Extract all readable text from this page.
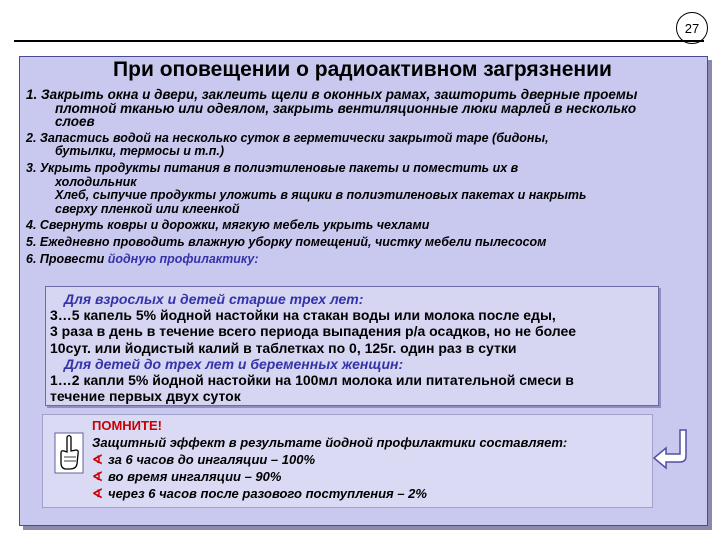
27
При оповещении о радиоактивном загрязнении
1. Закрыть окна и двери, заклеить щели в оконных рамах, зашторить дверные проемы
плотной тканью или одеялом, закрыть вентиляционные люки марлей в несколько
слоев
2. Запастись водой на несколько суток в герметически закрытой таре (бидоны,
бутылки, термосы и т.п.)
3. Укрыть продукты питания в полиэтиленовые пакеты и поместить их в
холодильник
Хлеб, сыпучие продукты уложить в ящики в полиэтиленовых пакетах и накрыть
сверху пленкой или клеенкой
4. Свернуть ковры и дорожки, мягкую мебель укрыть чехлами
5. Ежедневно проводить влажную уборку помещений, чистку мебели пылесосом
6. Провести йодную профилактику:
Для взрослых и детей старше трех лет:
3…5 капель 5% йодной настойки на стакан воды или молока после еды,
3 раза в день в течение всего периода выпадения р/а осадков, но не более
10сут. или йодистый калий в таблетках по 0, 125г. один раз в сутки
Для детей до трех лет и беременных женщин:
1…2 капли 5% йодной настойки на 100мл молока или питательной смеси в
течение первых двух суток
ПОМНИТЕ!
Защитный эффект в результате йодной профилактики составляет:
∢ за 6 часов до ингаляции – 100%
∢ во время ингаляции – 90%
∢ через 6 часов после разового поступления – 2%
